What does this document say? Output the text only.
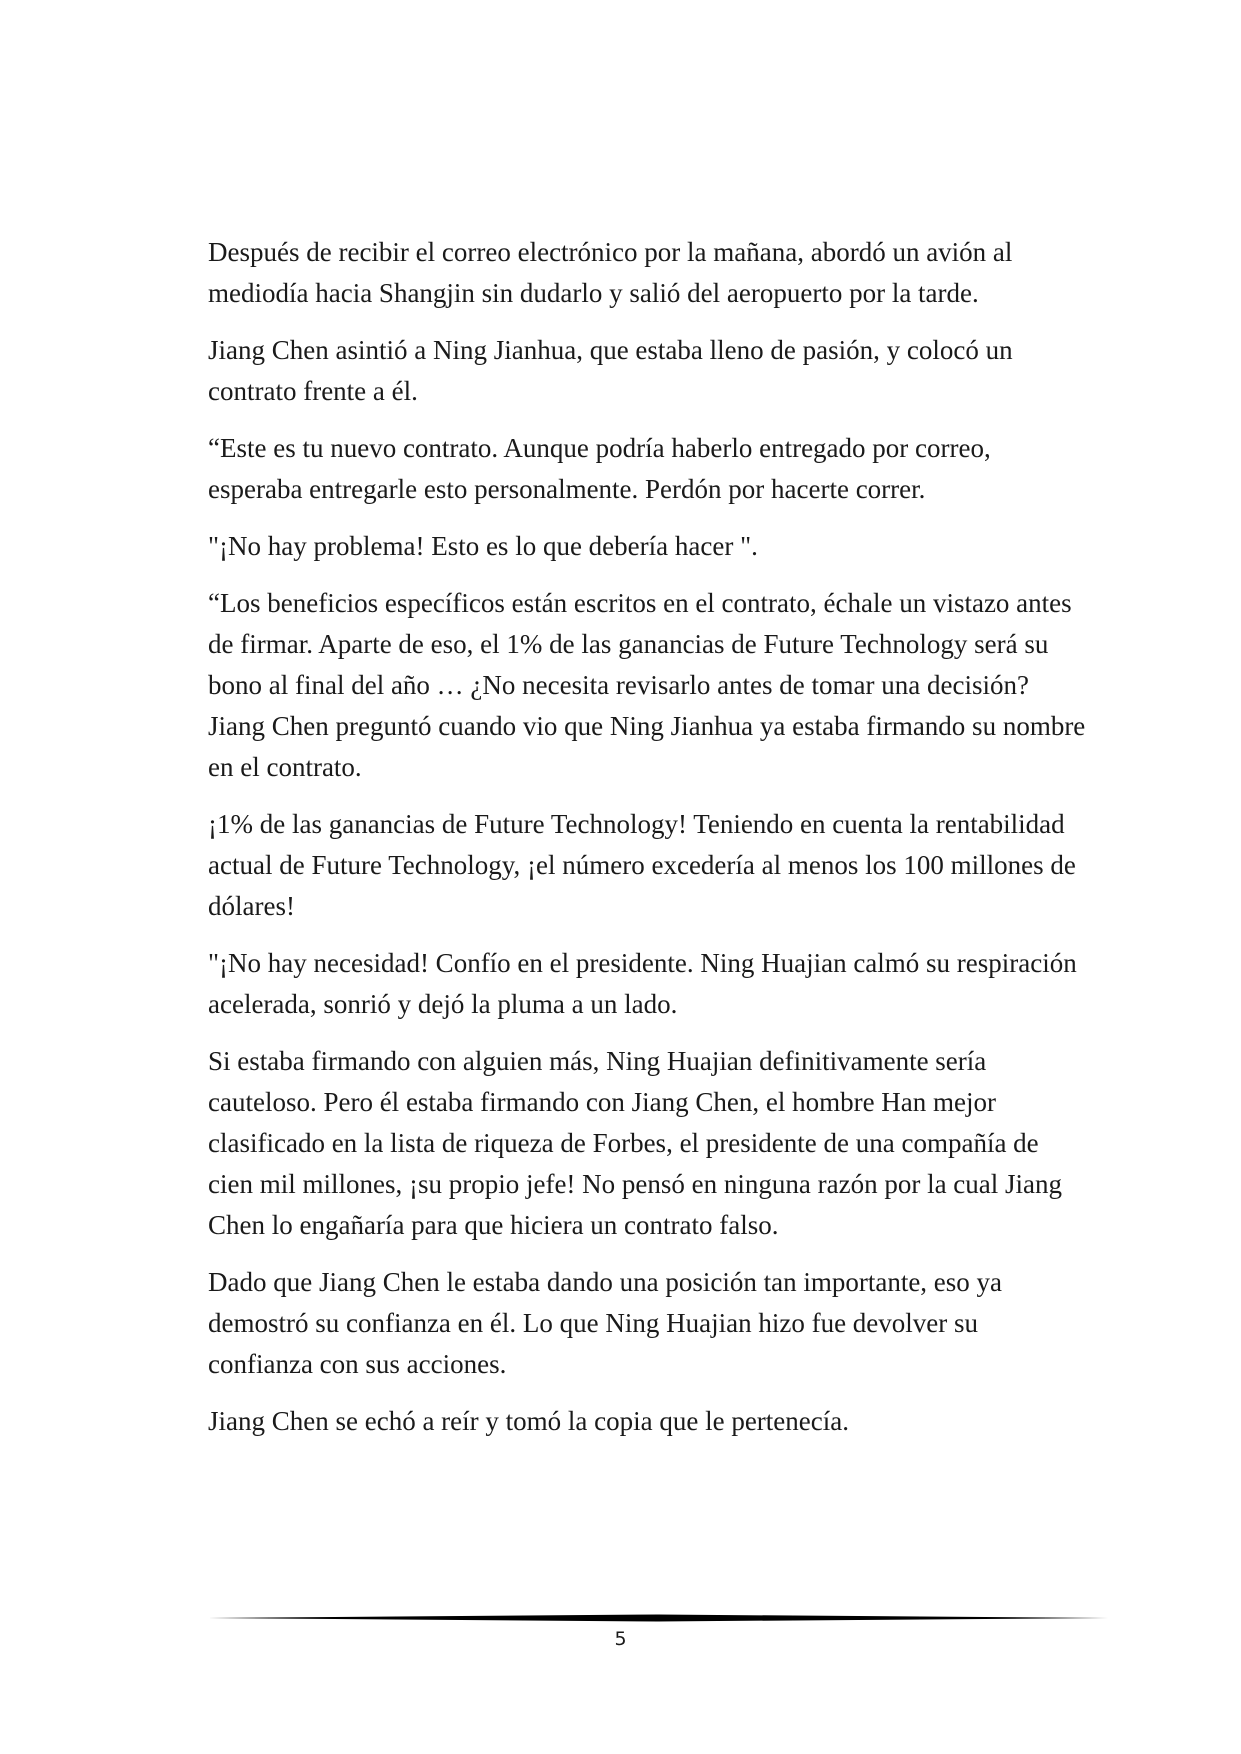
Después de recibir el correo electrónico por la mañana, abordó un avión al mediodía hacia Shangjin sin dudarlo y salió del aeropuerto por la tarde.

Jiang Chen asintió a Ning Jianhua, que estaba lleno de pasión, y colocó un contrato frente a él.

“Este es tu nuevo contrato. Aunque podría haberlo entregado por correo, esperaba entregarle esto personalmente. Perdón por hacerte correr.

"¡No hay problema! Esto es lo que debería hacer ".

“Los beneficios específicos están escritos en el contrato, échale un vistazo antes de firmar. Aparte de eso, el 1% de las ganancias de Future Technology será su bono al final del año … ¿No necesita revisarlo antes de tomar una decisión? Jiang Chen preguntó cuando vio que Ning Jianhua ya estaba firmando su nombre en el contrato.

¡1% de las ganancias de Future Technology! Teniendo en cuenta la rentabilidad actual de Future Technology, ¡el número excedería al menos los 100 millones de dólares!

"¡No hay necesidad! Confío en el presidente. Ning Huajian calmó su respiración acelerada, sonrió y dejó la pluma a un lado.

Si estaba firmando con alguien más, Ning Huajian definitivamente sería cauteloso. Pero él estaba firmando con Jiang Chen, el hombre Han mejor clasificado en la lista de riqueza de Forbes, el presidente de una compañía de cien mil millones, ¡su propio jefe! No pensó en ninguna razón por la cual Jiang Chen lo engañaría para que hiciera un contrato falso.

Dado que Jiang Chen le estaba dando una posición tan importante, eso ya demostró su confianza en él. Lo que Ning Huajian hizo fue devolver su confianza con sus acciones.

Jiang Chen se echó a reír y tomó la copia que le pertenecía.

5
